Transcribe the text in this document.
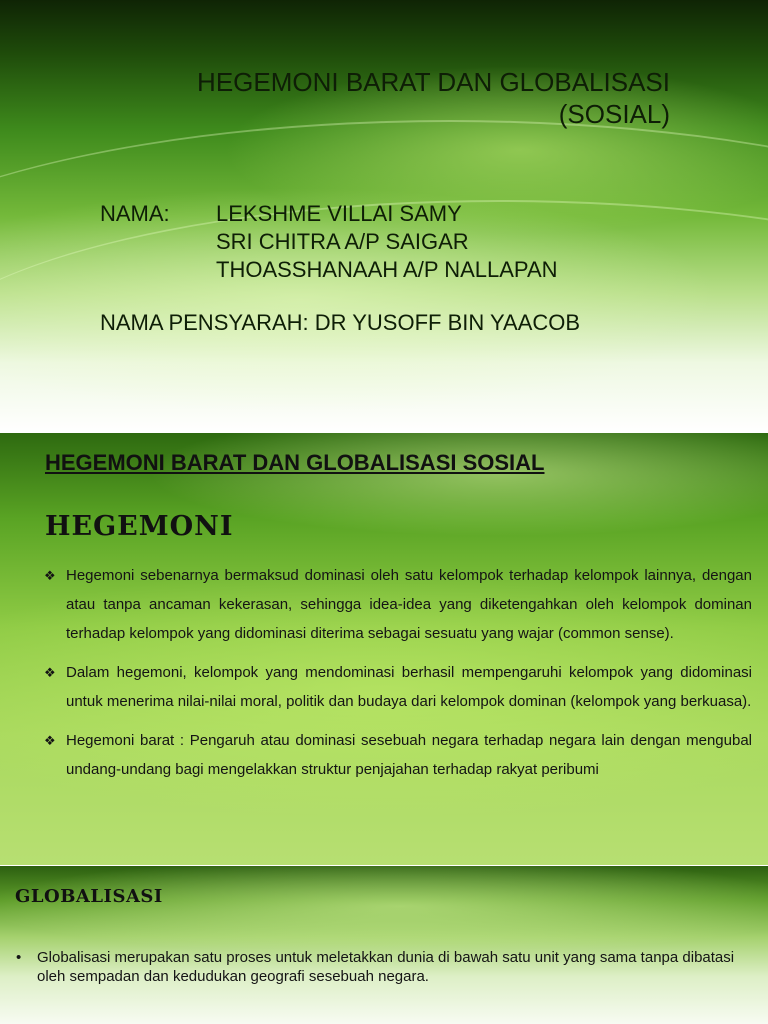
HEGEMONI BARAT DAN GLOBALISASI
(SOSIAL)
NAMA: LEKSHME VILLAI SAMY
SRI CHITRA A/P SAIGAR
THOASSHANAAH A/P NALLAPAN
NAMA PENSYARAH: DR YUSOFF BIN YAACOB
HEGEMONI BARAT DAN GLOBALISASI SOSIAL
HEGEMONI
❖ Hegemoni sebenarnya bermaksud dominasi oleh satu kelompok terhadap kelompok lainnya, dengan atau tanpa ancaman kekerasan, sehingga idea-idea yang diketengahkan oleh kelompok dominan terhadap kelompok yang didominasi diterima sebagai sesuatu yang wajar (common sense).
❖ Dalam hegemoni, kelompok yang mendominasi berhasil mempengaruhi kelompok yang didominasi untuk menerima nilai-nilai moral, politik dan budaya dari kelompok dominan (kelompok yang berkuasa).
❖ Hegemoni barat : Pengaruh atau dominasi sesebuah negara terhadap negara lain dengan mengubal undang-undang bagi mengelakkan struktur penjajahan terhadap rakyat peribumi
GLOBALISASI
• Globalisasi merupakan satu proses untuk meletakkan dunia di bawah satu unit yang sama tanpa dibatasi oleh sempadan dan kedudukan geografi sesebuah negara.
